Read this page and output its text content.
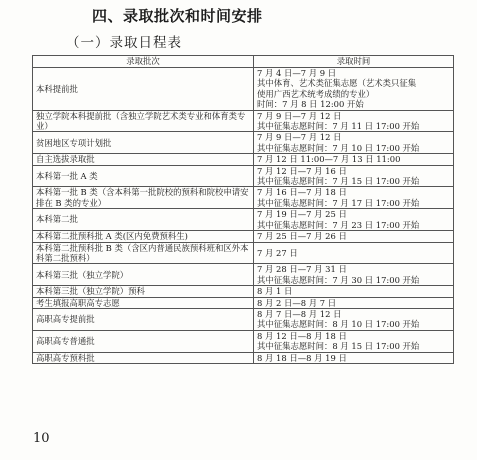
四、录取批次和时间安排
（一）录取日程表
录取批次	录取时间
本科提前批	7 月 4 日—7 月 9 日
其中体育、艺术类征集志愿（艺术类只征集
使用广西艺术统考成绩的专业）
时间：7 月 8 日 12:00 开始

独立学院本科提前批（含独立学院艺术类专业和体育类专业）	7 月 9 日—7 月 12 日
其中征集志愿时间：7 月 11 日 17:00 开始

贫困地区专项计划批	7 月 9 日—7 月 12 日
其中征集志愿时间：7 月 10 日 17:00 开始

自主选拔录取批	7 月 12 日 11:00—7 月 13 日 11:00

本科第一批 A 类	7 月 12 日—7 月 16 日
其中征集志愿时间：7 月 15 日 17:00 开始

本科第一批 B 类（含本科第一批院校的预科和院校申请安排在 B 类的专业）	7 月 16 日—7 月 18 日
其中征集志愿时间：7 月 17 日 17:00 开始

本科第二批	7 月 19 日—7 月 25 日
其中征集志愿时间：7 月 23 日 17:00 开始

本科第二批预科批 A 类(区内免费预科生)	7 月 25 日—7 月 26 日

本科第二批预科批 B 类（含区内普通民族预科班和区外本科第二批预科）	7 月 27 日

本科第三批（独立学院）	7 月 28 日—7 月 31 日
其中征集志愿时间：7 月 30 日 17:00 开始

本科第三批（独立学院）预科	8 月 1 日

考生填报高职高专志愿	8 月 2 日—8 月 7 日

高职高专提前批	8 月 7 日—8 月 12 日
其中征集志愿时间：8 月 10 日 17:00 开始

高职高专普通批	8 月 12 日—8 月 18 日
其中征集志愿时间：8 月 15 日 17:00 开始

高职高专预科批	8 月 18 日—8 月 19 日
10
